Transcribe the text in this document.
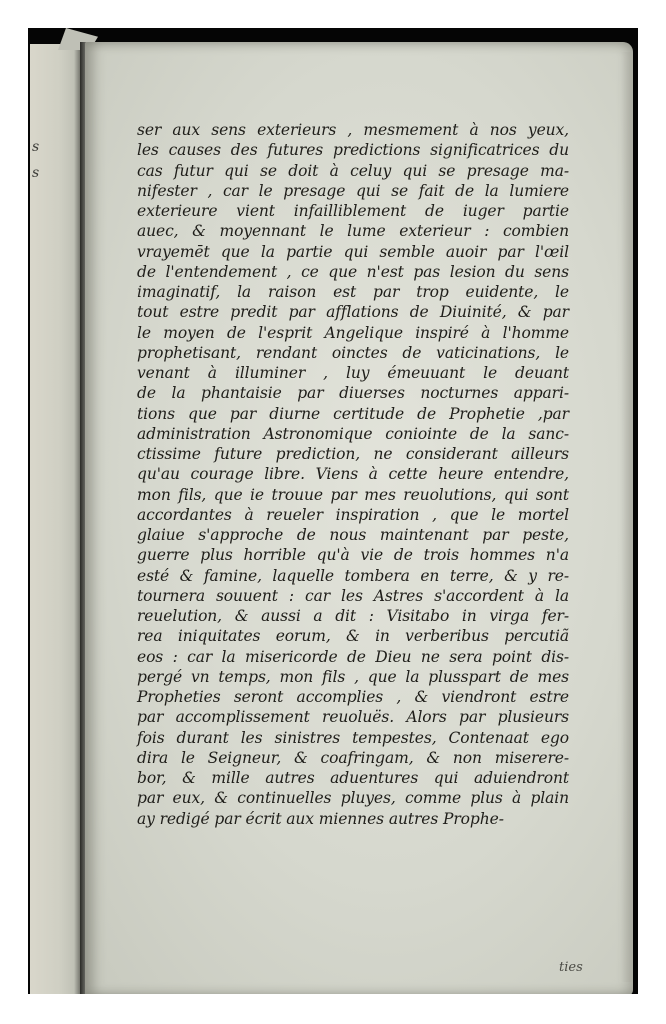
s
s
ser aux sens exterieurs , mesmement à nos yeux,
les causes des futures predictions significatrices du
cas futur qui se doit à celuy qui se presage ma-
nifester , car le presage qui se fait de la lumiere
exterieure vient infailliblement de iuger partie
auec, & moyennant le lume exterieur : combien
vrayemēt que la partie qui semble auoir par l'œil
de l'entendement , ce que n'est pas lesion du sens
imaginatif, la raison est par trop euidente, le
tout estre predit par afflations de Diuinité, & par
le moyen de l'esprit Angelique inspiré à l'homme
prophetisant, rendant oinctes de vaticinations, le
venant à illuminer , luy émeuuant le deuant
de la phantaisie par diuerses nocturnes appari-
tions que par diurne certitude de Prophetie ,par
administration Astronomique coniointe de la sanc-
ctissime future prediction, ne considerant ailleurs
qu'au courage libre. Viens à cette heure entendre,
mon fils, que ie trouue par mes reuolutions, qui sont
accordantes à reueler inspiration , que le mortel
glaiue s'approche de nous maintenant par peste,
guerre plus horrible qu'à vie de trois hommes n'a
esté & famine, laquelle tombera en terre, & y re-
tournera souuent : car les Astres s'accordent à la
reuelution, & aussi a dit : Visitabo in virga fer-
rea iniquitates eorum, & in verberibus percutiã
eos : car la misericorde de Dieu ne sera point dis-
pergé vn temps, mon fils , que la plusspart de mes
Propheties seront accomplies , & viendront estre
par accomplissement reuoluës. Alors par plusieurs
fois durant les sinistres tempestes, Contenaat ego
dira le Seigneur, & coafringam, & non miserere-
bor, & mille autres aduentures qui aduiendront
par eux, & continuelles pluyes, comme plus à plain
ay redigé par écrit aux miennes autres Prophe-
ties
